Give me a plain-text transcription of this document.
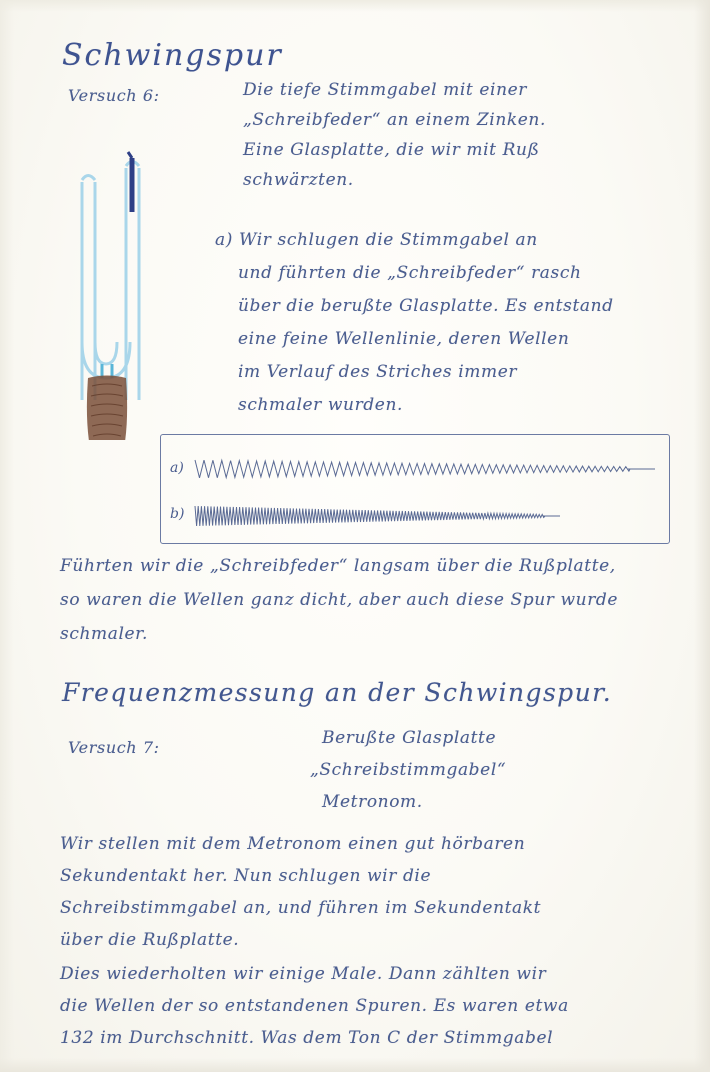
Schwingspur
Versuch 6:	Die tiefe Stimmgabel mit einer
„Schreibfeder“ an einem Zinken.
Eine Glasplatte, die wir mit Ruß
schwärzten.
a) Wir schlugen die Stimmgabel an
und führten die „Schreibfeder“ rasch
über die berußte Glasplatte. Es entstand
eine feine Wellenlinie, deren Wellen
im Verlauf des Striches immer
schmaler wurden.
a)
b)
Führten wir die „Schreibfeder“ langsam über die Rußplatte,
so waren die Wellen ganz dicht, aber auch diese Spur wurde
schmaler.
Frequenzmessung an der Schwingspur.
Versuch 7:	Berußte Glasplatte
„Schreibstimmgabel“
Metronom.
Wir stellen mit dem Metronom einen gut hörbaren
Sekundentakt her. Nun schlugen wir die
Schreibstimmgabel an, und führen im Sekundentakt
über die Rußplatte.
Dies wiederholten wir einige Male. Dann zählten wir
die Wellen der so entstandenen Spuren. Es waren etwa
132 im Durchschnitt. Was dem Ton C der Stimmgabel
